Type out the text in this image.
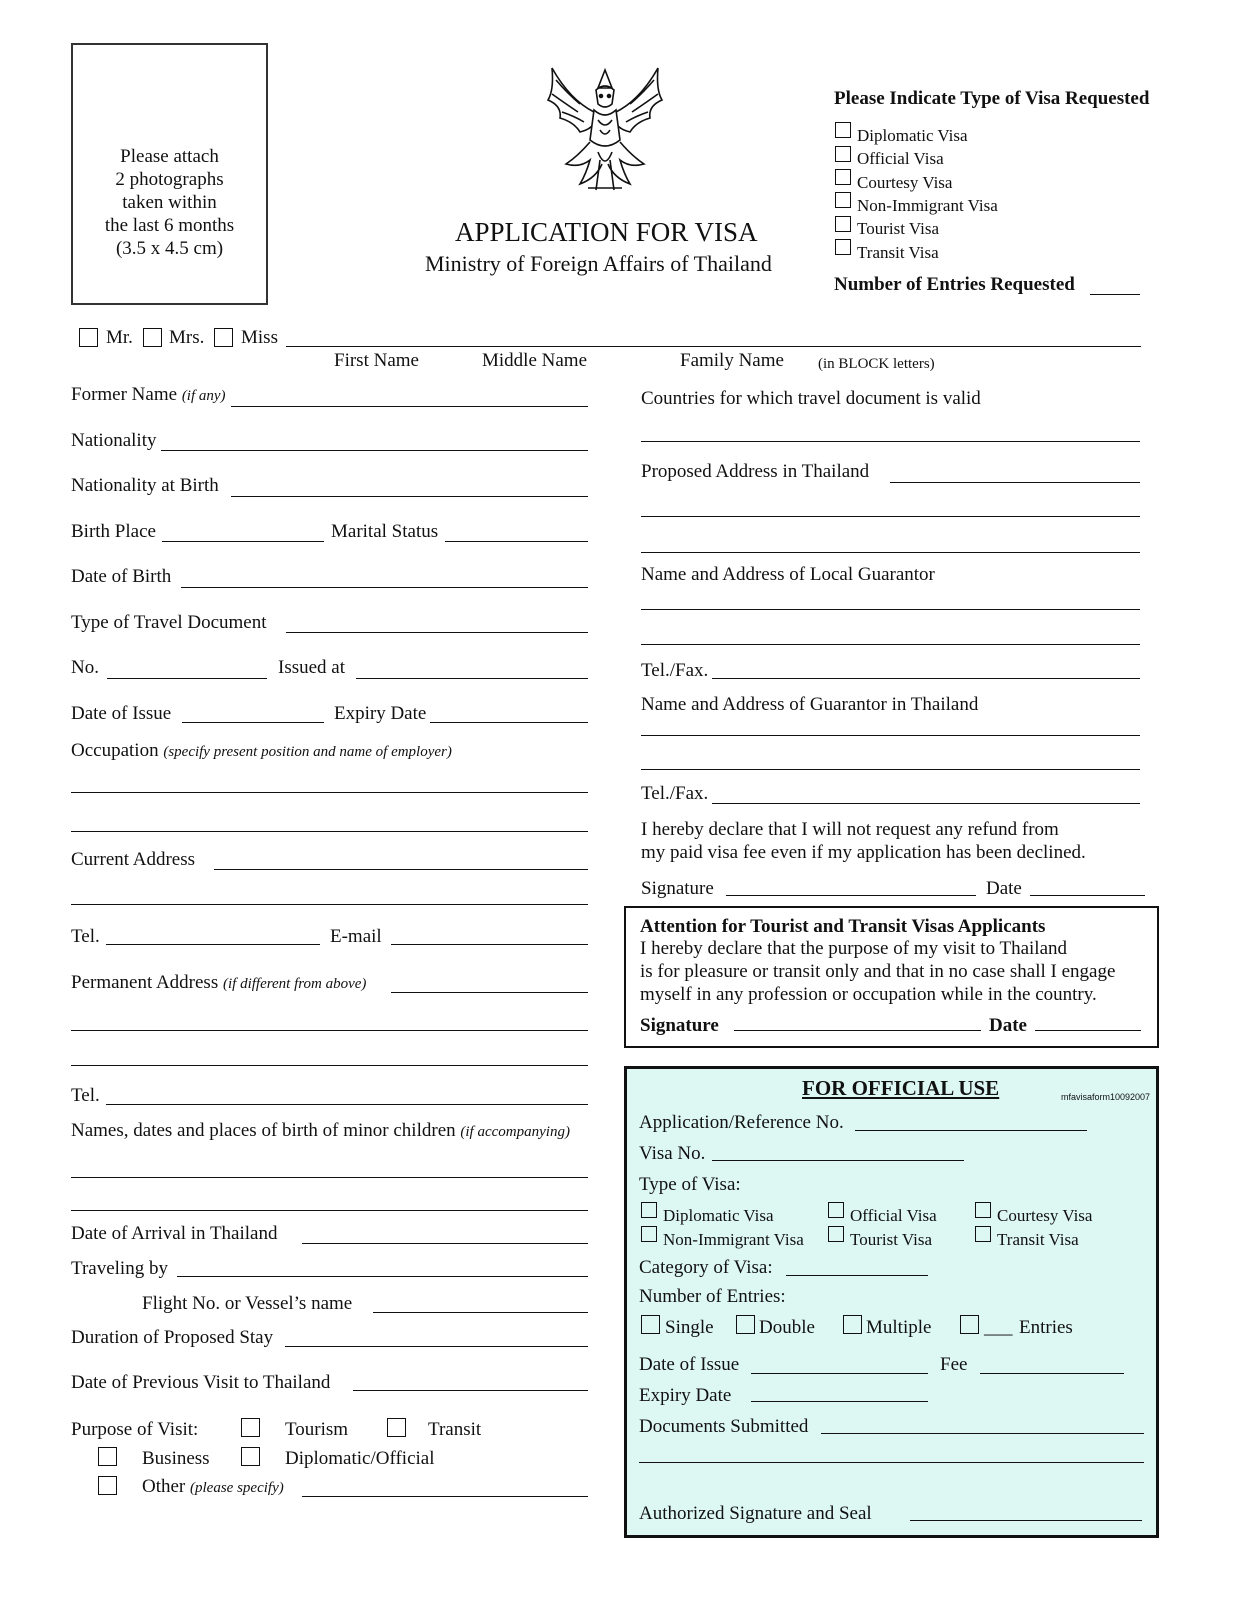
Please attach
2 photographs
taken within
the last 6 months
(3.5 x 4.5 cm)
APPLICATION FOR VISA
Ministry of Foreign Affairs of Thailand
Please Indicate Type of Visa Requested
Diplomatic Visa
Official Visa
Courtesy Visa
Non-Immigrant Visa
Tourist Visa
Transit Visa
Number of Entries Requested
Mr. Mrs. Miss
First Name	Middle Name	Family Name (in BLOCK letters)
Former Name (if any)
Nationality
Nationality at Birth
Birth Place	Marital Status
Date of Birth
Type of Travel Document
No.	Issued at
Date of Issue	Expiry Date
Occupation (specify present position and name of employer)
Current Address
Tel.	E-mail
Permanent Address (if different from above)
Tel.
Names, dates and places of birth of minor children (if accompanying)
Date of Arrival in Thailand
Traveling by
Flight No. or Vessel’s name
Duration of Proposed Stay
Date of Previous Visit to Thailand
Purpose of Visit:	Tourism	Transit
Business	Diplomatic/Official
Other (please specify)
Countries for which travel document is valid
Proposed Address in Thailand
Name and Address of Local Guarantor
Tel./Fax.
Name and Address of Guarantor in Thailand
Tel./Fax.
I hereby declare that I will not request any refund from
my paid visa fee even if my application has been declined.
Signature	Date
Attention for Tourist and Transit Visas Applicants
I hereby declare that the purpose of my visit to Thailand
is for pleasure or transit only and that in no case shall I engage
myself in any profession or occupation while in the country.
Signature	Date
FOR OFFICIAL USE	mfavisaform10092007
Application/Reference No.
Visa No.
Type of Visa:
Diplomatic Visa	Official Visa	Courtesy Visa
Non-Immigrant Visa	Tourist Visa	Transit Visa
Category of Visa:
Number of Entries:
Single Double	Multiple	___ Entries
Date of Issue	Fee
Expiry Date
Documents Submitted
Authorized Signature and Seal
